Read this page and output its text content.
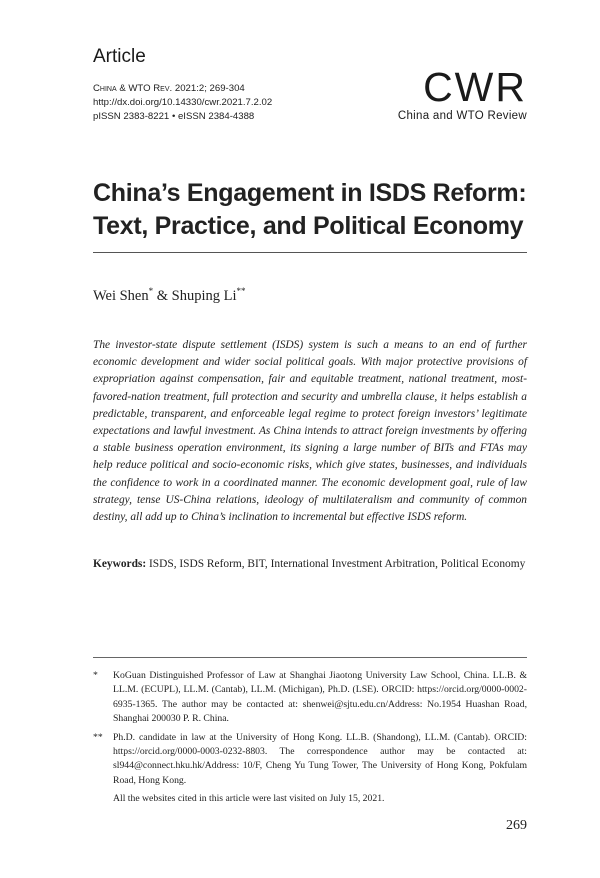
Article
China & WTO Rev. 2021:2; 269-304
http://dx.doi.org/10.14330/cwr.2021.7.2.02
pISSN 2383-8221 • eISSN 2384-4388
CWR
China and WTO Review
China’s Engagement in ISDS Reform:
Text, Practice, and Political Economy
Wei Shen* & Shuping Li**

The investor-state dispute settlement (ISDS) system is such a means to an end of further economic development and wider social political goals. With major protective provisions of expropriation against compensation, fair and equitable treatment, national treatment, most-favored-nation treatment, full protection and security and umbrella clause, it helps establish a predictable, transparent, and enforceable legal regime to protect foreign investors’ legitimate expectations and lawful investment. As China intends to attract foreign investments by offering a stable business operation environment, its signing a large number of BITs and FTAs may help reduce political and socio-economic risks, which give states, businesses, and individuals the confidence to work in a coordinated manner. The economic development goal, rule of law strategy, tense US-China relations, ideology of multilateralism and community of common destiny, all add up to China’s inclination to incremental but effective ISDS reform.

Keywords: ISDS, ISDS Reform, BIT, International Investment Arbitration, Political Economy
*	KoGuan Distinguished Professor of Law at Shanghai Jiaotong University Law School, China. LL.B. & LL.M. (ECUPL), LL.M. (Cantab), LL.M. (Michigan), Ph.D. (LSE). ORCID: https://orcid.org/0000-0002-6935-1365. The author may be contacted at: shenwei@sjtu.edu.cn/Address: No.1954 Huashan Road, Shanghai 200030 P. R. China.
**	Ph.D. candidate in law at the University of Hong Kong. LL.B. (Shandong), LL.M. (Cantab). ORCID: https://orcid.org/0000-0003-0232-8803. The correspondence author may be contacted at: sl944@connect.hku.hk/Address: 10/F, Cheng Yu Tung Tower, The University of Hong Kong, Pokfulam Road, Hong Kong.
All the websites cited in this article were last visited on July 15, 2021.
269
